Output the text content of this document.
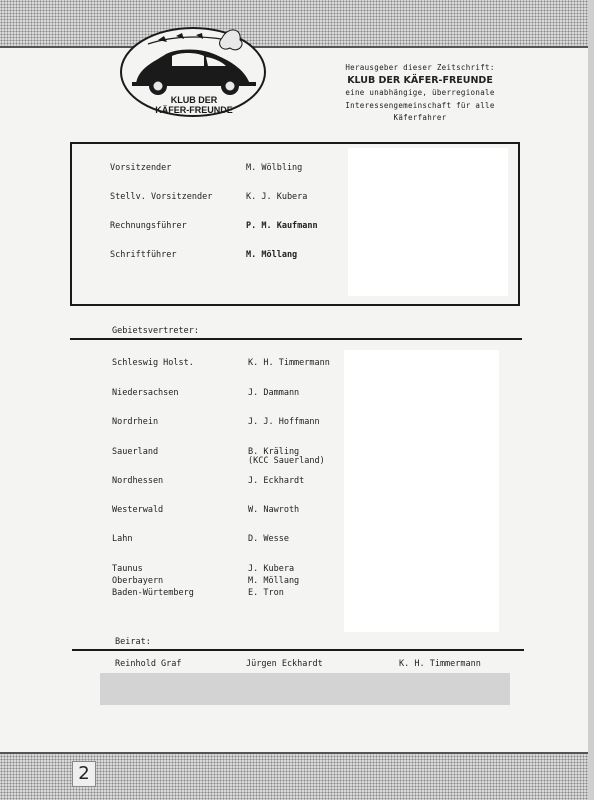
KLUB DER
KÄFER-FREUNDE
Herausgeber dieser Zeitschrift:
KLUB DER KÄFER-FREUNDE
eine unabhängige, überregionale
Interessengemeinschaft für alle
Käferfahrer
Vorsitzender	M. Wölbling
Stellv. Vorsitzender	K. J. Kubera
Rechnungsführer	P. M. Kaufmann
Schriftführer	M. Möllang
Gebietsvertreter:
Schleswig Holst.	K. H. Timmermann
Niedersachsen	J. Dammann
Nordrhein	J. J. Hoffmann
Sauerland	B. Kräling
(KCC Sauerland)
Nordhessen	J. Eckhardt
Westerwald	W. Nawroth
Lahn	D. Wesse
Taunus	J. Kubera
Oberbayern	M. Möllang
Baden-Würtemberg	E. Tron
Beirat:
Reinhold Graf	Jürgen Eckhardt	K. H. Timmermann
2
